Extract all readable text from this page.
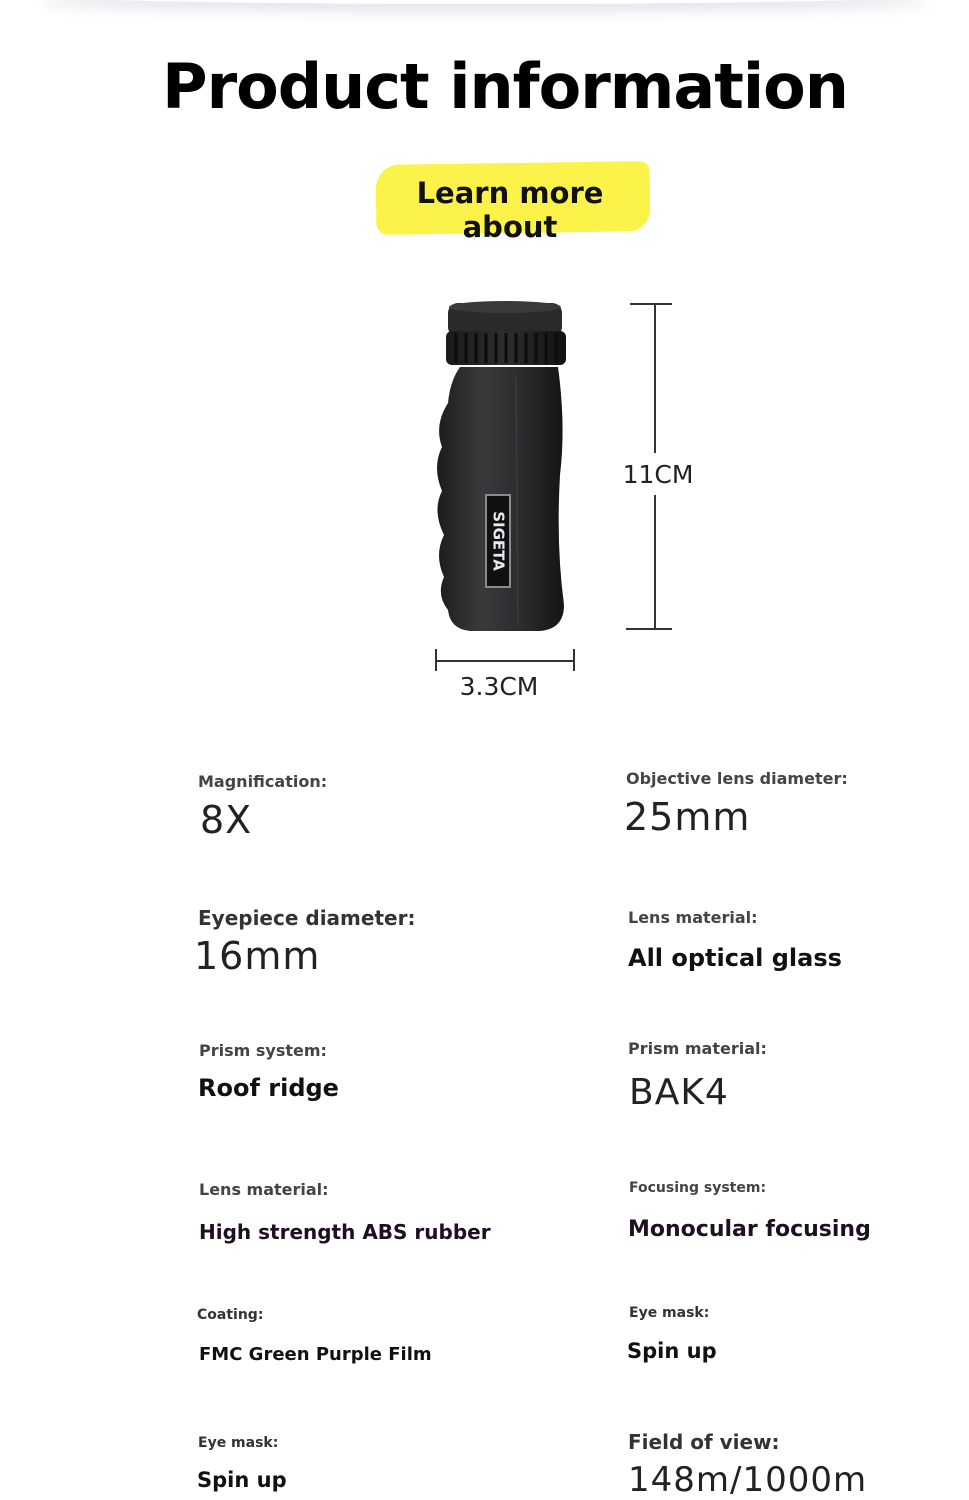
Product information
Learn more about
SIGETA
11CM
3.3CM
Magnification:
8X
Objective lens diameter:
25mm
Eyepiece diameter:
16mm
Lens material:
All optical glass
Prism system:
Roof ridge
Prism material:
BAK4
Lens material:
High strength ABS rubber
Focusing system:
Monocular focusing
Coating:
FMC Green Purple Film
Eye mask:
Spin up
Eye mask:
Spin up
Field of view:
148m/1000m
